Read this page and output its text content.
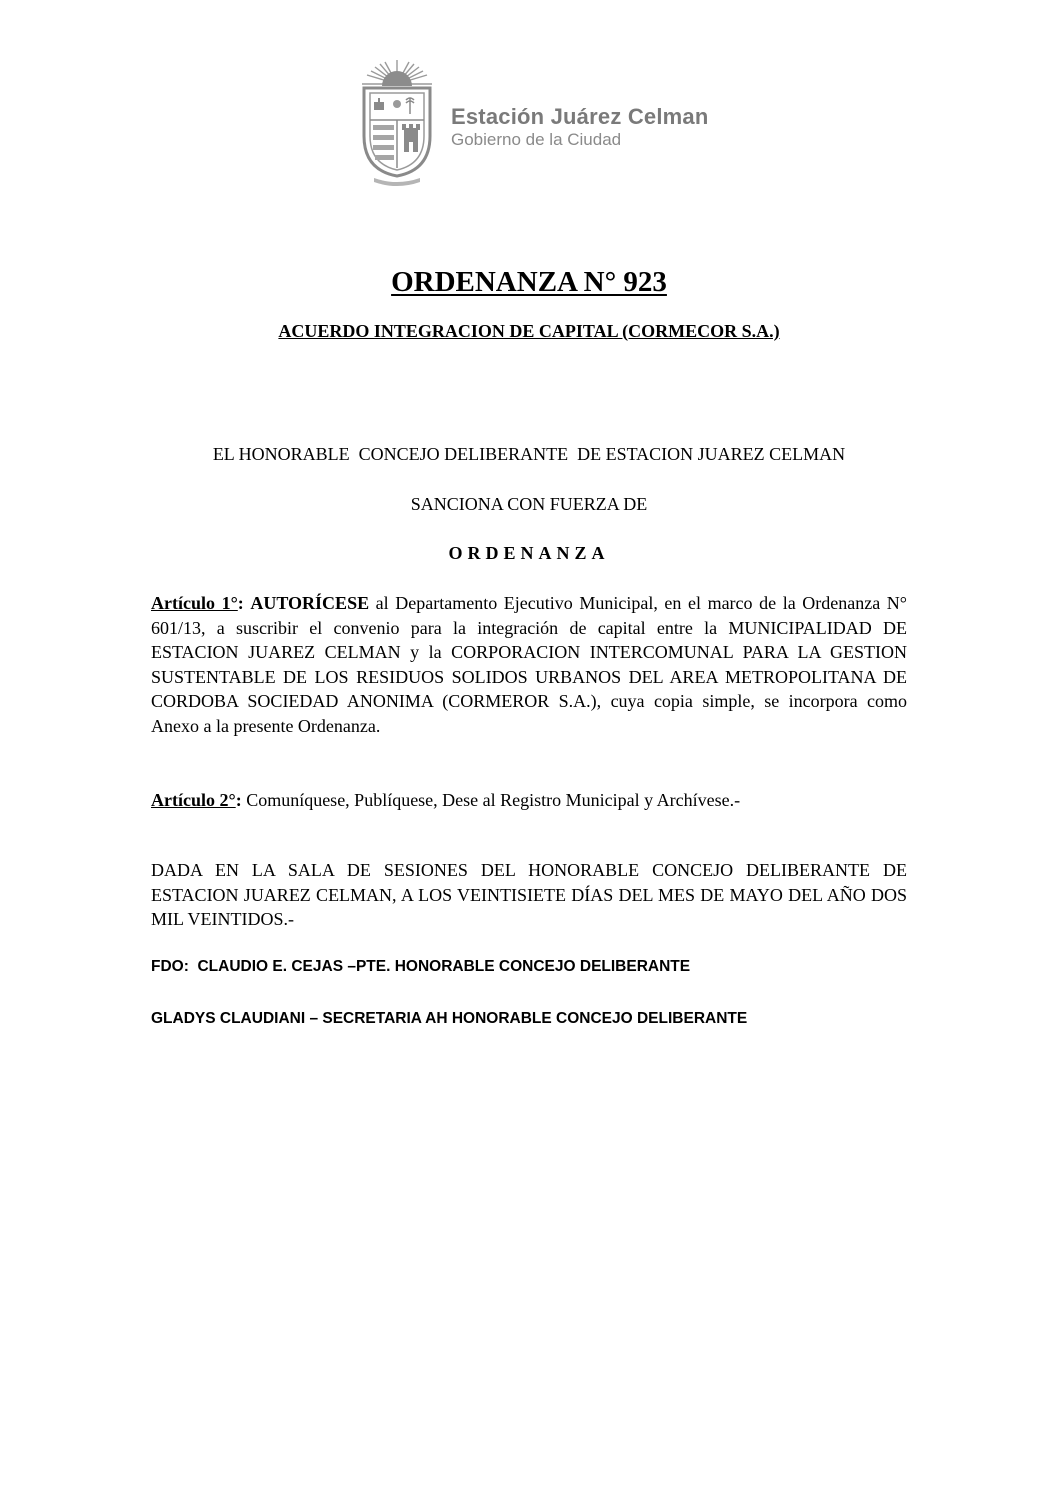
Estación Juárez Celman
Gobierno de la Ciudad
ORDENANZA N° 923
ACUERDO INTEGRACION DE CAPITAL (CORMECOR S.A.)
EL HONORABLE  CONCEJO DELIBERANTE  DE ESTACION JUAREZ CELMAN
SANCIONA CON FUERZA DE
ORDENANZA
Artículo 1°: AUTORÍCESE al Departamento Ejecutivo Municipal, en el marco de la Ordenanza N° 601/13, a suscribir el convenio para la integración de capital entre la MUNICIPALIDAD DE ESTACION JUAREZ CELMAN y la CORPORACION INTERCOMUNAL PARA LA GESTION SUSTENTABLE DE LOS RESIDUOS SOLIDOS URBANOS DEL AREA METROPOLITANA DE CORDOBA SOCIEDAD ANONIMA (CORMEROR S.A.), cuya copia simple, se incorpora como Anexo a la presente Ordenanza.
Artículo 2°: Comuníquese, Publíquese, Dese al Registro Municipal y Archívese.-
DADA EN LA SALA DE SESIONES DEL HONORABLE CONCEJO DELIBERANTE DE ESTACION JUAREZ CELMAN, A LOS VEINTISIETE DÍAS DEL MES DE MAYO DEL AÑO DOS MIL VEINTIDOS.-
FDO:  CLAUDIO E. CEJAS –PTE. HONORABLE CONCEJO DELIBERANTE
GLADYS CLAUDIANI – SECRETARIA AH HONORABLE CONCEJO DELIBERANTE
